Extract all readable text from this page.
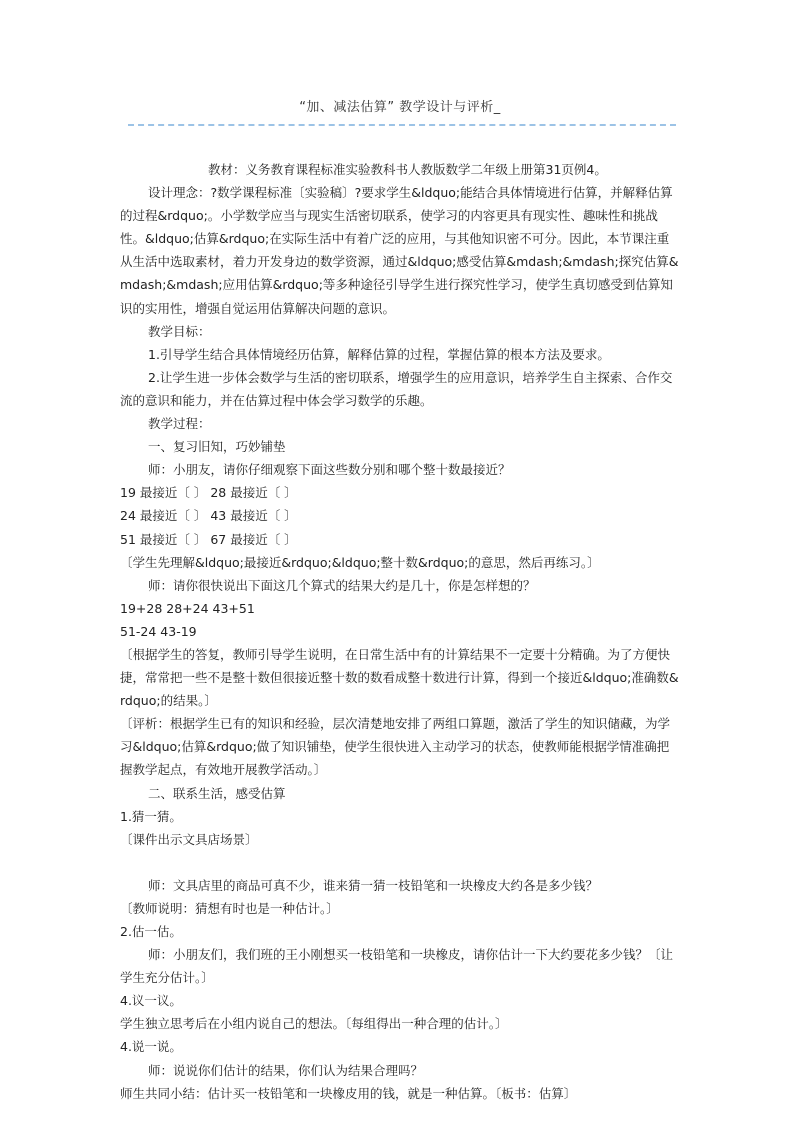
“加、减法估算” 教学设计与评析_

教材：义务教育课程标准实验教科书人教版数学二年级上册第31页例4。

设计理念：?数学课程标准〔实验稿〕?要求学生&ldquo;能结合具体情境进行估算，并解释估算的过程&rdquo;。小学数学应当与现实生活密切联系，使学习的内容更具有现实性、趣味性和挑战性。&ldquo;估算&rdquo;在实际生活中有着广泛的应用，与其他知识密不可分。因此，本节课注重从生活中选取素材，着力开发身边的数学资源，通过&ldquo;感受估算&mdash;&mdash;探究估算&mdash;&mdash;应用估算&rdquo;等多种途径引导学生进行探究性学习，使学生真切感受到估算知识的实用性，增强自觉运用估算解决问题的意识。

教学目标：

1.引导学生结合具体情境经历估算，解释估算的过程，掌握估算的根本方法及要求。

2.让学生进一步体会数学与生活的密切联系，增强学生的应用意识，培养学生自主探索、合作交流的意识和能力，并在估算过程中体会学习数学的乐趣。

教学过程：

一、复习旧知，巧妙铺垫

师：小朋友，请你仔细观察下面这些数分别和哪个整十数最接近？

19 最接近〔 〕 28 最接近〔 〕

24 最接近〔 〕 43 最接近〔 〕

51 最接近〔 〕 67 最接近〔 〕

〔学生先理解&ldquo;最接近&rdquo;&ldquo;整十数&rdquo;的意思，然后再练习。〕

师：请你很快说出下面这几个算式的结果大约是几十，你是怎样想的？

19+28 28+24 43+51

51-24 43-19

〔根据学生的答复，教师引导学生说明，在日常生活中有的计算结果不一定要十分精确。为了方便快捷，常常把一些不是整十数但很接近整十数的数看成整十数进行计算，得到一个接近&ldquo;准确数&rdquo;的结果。〕

〔评析：根据学生已有的知识和经验，层次清楚地安排了两组口算题，激活了学生的知识储藏，为学习&ldquo;估算&rdquo;做了知识铺垫，使学生很快进入主动学习的状态，使教师能根据学情准确把握教学起点，有效地开展教学活动。〕

二、联系生活，感受估算

1.猜一猜。

〔课件出示文具店场景〕

师：文具店里的商品可真不少，谁来猜一猜一枝铅笔和一块橡皮大约各是多少钱？

〔教师说明：猜想有时也是一种估计。〕

2.估一估。

师：小朋友们，我们班的王小刚想买一枝铅笔和一块橡皮，请你估计一下大约要花多少钱？〔让学生充分估计。〕

4.议一议。

学生独立思考后在小组内说自己的想法。〔每组得出一种合理的估计。〕

4.说一说。

师：说说你们估计的结果，你们认为结果合理吗？

师生共同小结：估计买一枝铅笔和一块橡皮用的钱，就是一种估算。〔板书：估算〕
